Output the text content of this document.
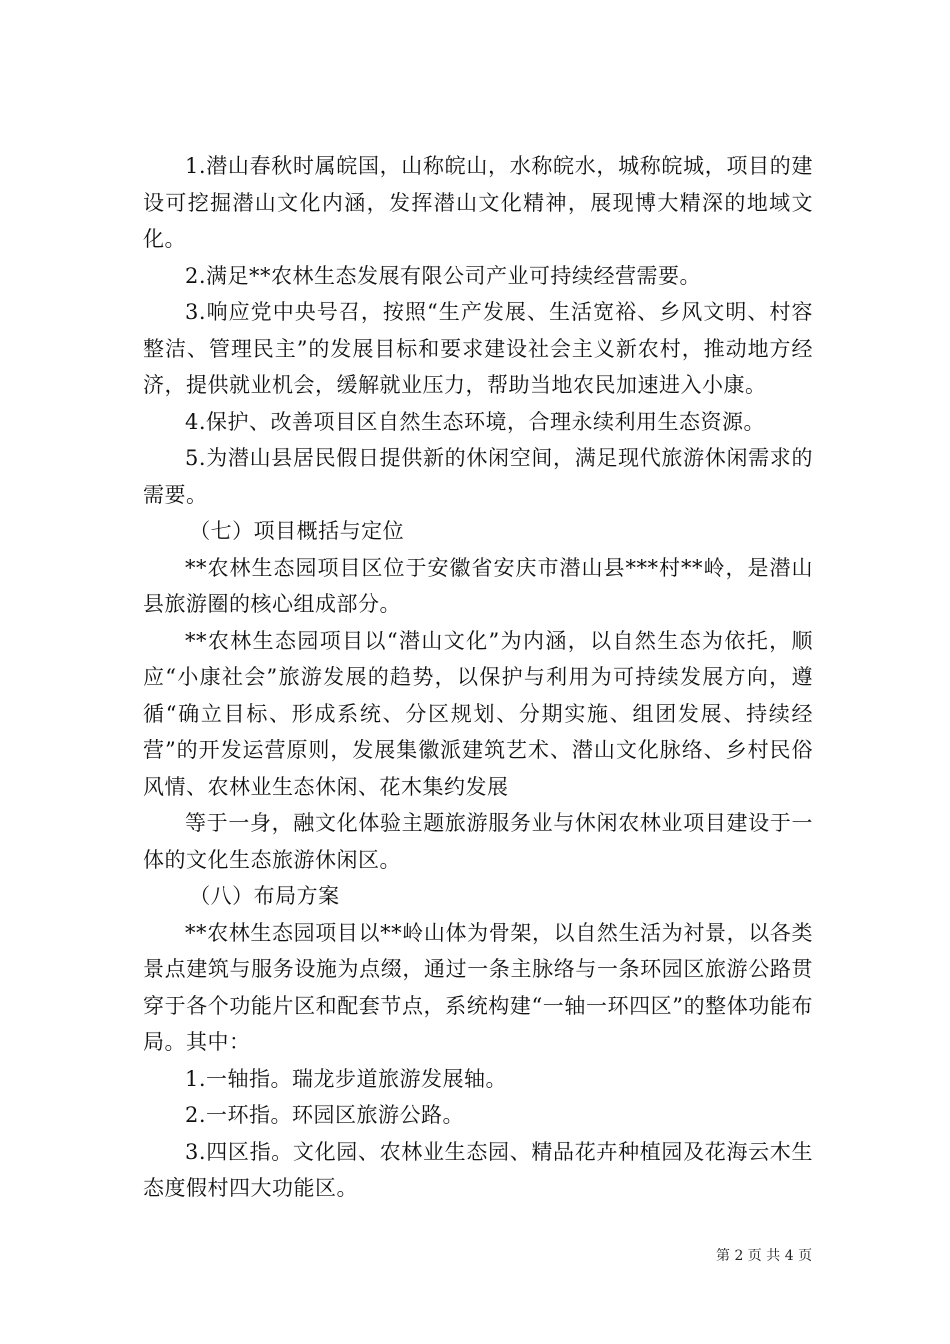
1.潜山春秋时属皖国，山称皖山，水称皖水，城称皖城，项目的建设可挖掘潜山文化内涵，发挥潜山文化精神，展现博大精深的地域文化。

2.满足**农林生态发展有限公司产业可持续经营需要。

3.响应党中央号召，按照“生产发展、生活宽裕、乡风文明、村容整洁、管理民主”的发展目标和要求建设社会主义新农村，推动地方经济，提供就业机会，缓解就业压力，帮助当地农民加速进入小康。

4.保护、改善项目区自然生态环境，合理永续利用生态资源。

5.为潜山县居民假日提供新的休闲空间，满足现代旅游休闲需求的需要。

（七）项目概括与定位

**农林生态园项目区位于安徽省安庆市潜山县***村**岭，是潜山县旅游圈的核心组成部分。

**农林生态园项目以“潜山文化”为内涵，以自然生态为依托，顺应“小康社会”旅游发展的趋势，以保护与利用为可持续发展方向，遵循“确立目标、形成系统、分区规划、分期实施、组团发展、持续经营”的开发运营原则，发展集徽派建筑艺术、潜山文化脉络、乡村民俗风情、农林业生态休闲、花木集约发展

等于一身，融文化体验主题旅游服务业与休闲农林业项目建设于一体的文化生态旅游休闲区。

（八）布局方案

**农林生态园项目以**岭山体为骨架，以自然生活为衬景，以各类景点建筑与服务设施为点缀，通过一条主脉络与一条环园区旅游公路贯穿于各个功能片区和配套节点，系统构建“一轴一环四区”的整体功能布局。其中：

1.一轴指。瑞龙步道旅游发展轴。

2.一环指。环园区旅游公路。

3.四区指。文化园、农林业生态园、精品花卉种植园及花海云木生态度假村四大功能区。

第 2 页 共 4 页
